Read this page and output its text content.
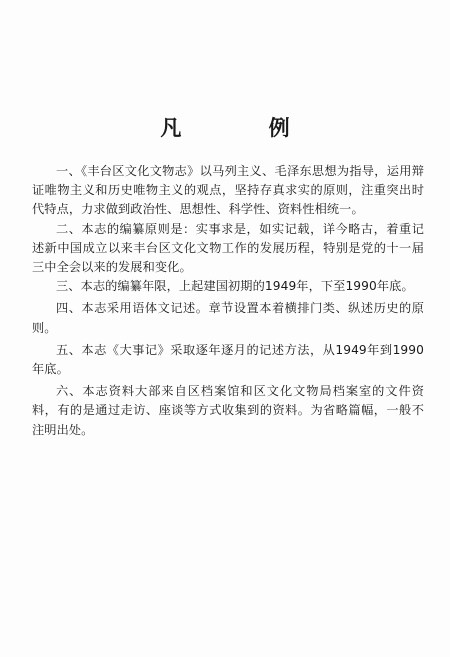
凡 例

一、《丰台区文化文物志》以马列主义、毛泽东思想为指导，运用辩证唯物主义和历史唯物主义的观点，坚持存真求实的原则，注重突出时代特点，力求做到政治性、思想性、科学性、资料性相统一。

二、本志的编纂原则是：实事求是，如实记载，详今略古，着重记述新中国成立以来丰台区文化文物工作的发展历程，特别是党的十一届三中全会以来的发展和变化。

三、本志的编纂年限，上起建国初期的1949年，下至1990年底。

四、本志采用语体文记述。章节设置本着横排门类、纵述历史的原则。

五、本志《大事记》采取逐年逐月的记述方法，从1949年到1990年底。

六、本志资料大部来自区档案馆和区文化文物局档案室的文件资料，有的是通过走访、座谈等方式收集到的资料。为省略篇幅，一般不注明出处。
